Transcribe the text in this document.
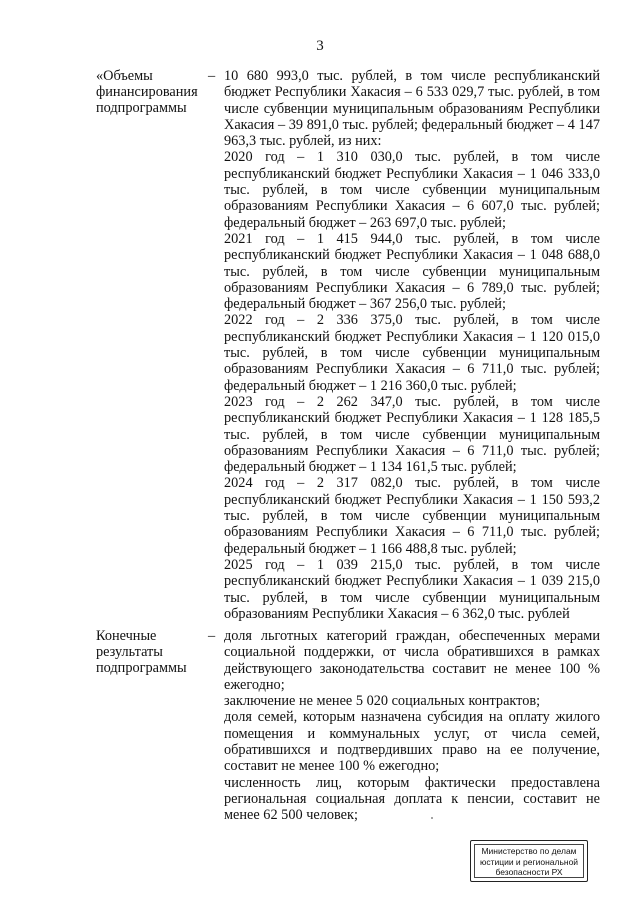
3
«Объемы финансирования подпрограммы
– 10 680 993,0 тыс. рублей, в том числе республиканский бюджет Республики Хакасия – 6 533 029,7 тыс. рублей, в том числе субвенции муниципальным образованиям Республики Хакасия – 39 891,0 тыс. рублей; федеральный бюджет – 4 147 963,3 тыс. рублей, из них:

2020 год – 1 310 030,0 тыс. рублей, в том числе республиканский бюджет Республики Хакасия – 1 046 333,0 тыс. рублей, в том числе субвенции муниципальным образованиям Республики Хакасия – 6 607,0 тыс. рублей; федеральный бюджет – 263 697,0 тыс. рублей;

2021 год – 1 415 944,0 тыс. рублей, в том числе республиканский бюджет Республики Хакасия – 1 048 688,0 тыс. рублей, в том числе субвенции муниципальным образованиям Республики Хакасия – 6 789,0 тыс. рублей; федеральный бюджет – 367 256,0 тыс. рублей;

2022 год – 2 336 375,0 тыс. рублей, в том числе республиканский бюджет Республики Хакасия – 1 120 015,0 тыс. рублей, в том числе субвенции муниципальным образованиям Республики Хакасия – 6 711,0 тыс. рублей; федеральный бюджет – 1 216 360,0 тыс. рублей;

2023 год – 2 262 347,0 тыс. рублей, в том числе республиканский бюджет Республики Хакасия – 1 128 185,5 тыс. рублей, в том числе субвенции муниципальным образованиям Республики Хакасия – 6 711,0 тыс. рублей; федеральный бюджет – 1 134 161,5 тыс. рублей;

2024 год – 2 317 082,0 тыс. рублей, в том числе республиканский бюджет Республики Хакасия – 1 150 593,2 тыс. рублей, в том числе субвенции муниципальным образованиям Республики Хакасия – 6 711,0 тыс. рублей; федеральный бюджет – 1 166 488,8 тыс. рублей;

2025 год – 1 039 215,0 тыс. рублей, в том числе республиканский бюджет Республики Хакасия – 1 039 215,0 тыс. рублей, в том числе субвенции муниципальным образованиям Республики Хакасия – 6 362,0 тыс. рублей

Конечные результаты подпрограммы
– доля льготных категорий граждан, обеспеченных мерами социальной поддержки, от числа обратившихся в рамках действующего законодательства составит не менее 100 % ежегодно;

заключение не менее 5 020 социальных контрактов;

доля семей, которым назначена субсидия на оплату жилого помещения и коммунальных услуг, от числа семей, обратившихся и подтвердивших право на ее получение, составит не менее 100 % ежегодно;

численность лиц, которым фактически предоставлена региональная социальная доплата к пенсии, составит не менее 62 500 человек;

Министерство по делам
юстиции и региональной
безопасности РХ
